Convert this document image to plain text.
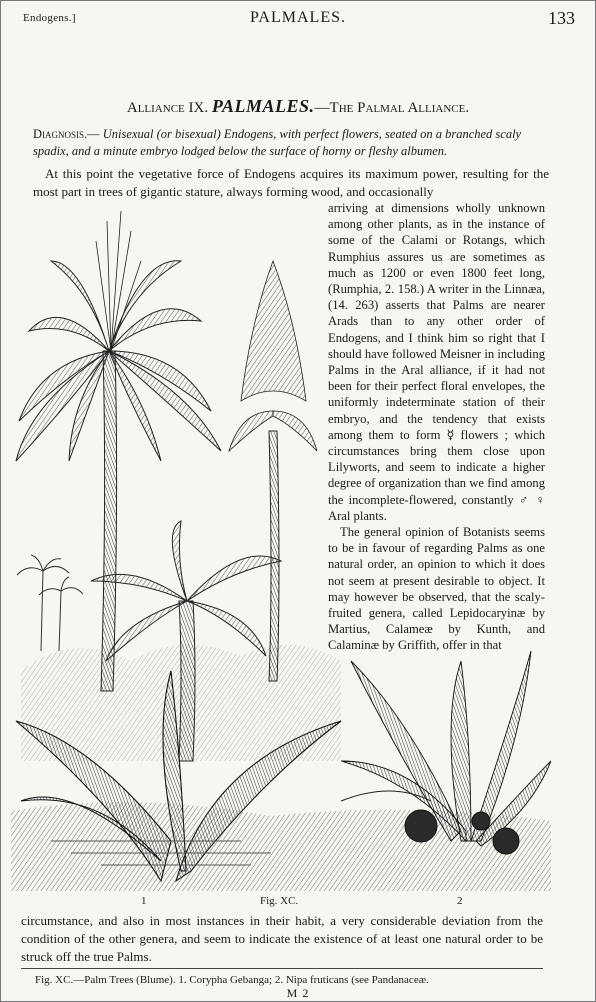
Endogens.]	PALMALES.	133
Alliance IX. PALMALES.—The Palmal Alliance.
Diagnosis.— Unisexual (or bisexual) Endogens, with perfect flowers, seated on a branched scaly spadix, and a minute embryo lodged below the surface of horny or fleshy albumen.
At this point the vegetative force of Endogens acquires its maximum power, resulting for the most part in trees of gigantic stature, always forming wood, and occasionally

arriving at dimensions wholly unknown among other plants, as in the instance of some of the Calami or Rotangs, which Rumphius assures us are sometimes as much as 1200 or even 1800 feet long, (Rumphia, 2. 158.) A writer in the Linnæa, (14. 263) asserts that Palms are nearer Arads than to any other order of Endogens, and I think him so right that I should have followed Meisner in including Palms in the Aral alliance, if it had not been for their perfect floral envelopes, the uniformly indeterminate station of their embryo, and the tendency that exists among them to form ☿ flowers ; which circumstances bring them close upon Lilyworts, and seem to indicate a higher degree of organization than we find among the incomplete-flowered, constantly ♂ ♀ Aral plants.

The general opinion of Botanists seems to be in favour of regarding Palms as one natural order, an opinion to which it does not seem at present desirable to object. It may however be observed, that the scaly-fruited genera, called Lepidocaryinæ by Martius, Calameæ by Kunth, and Calaminæ by Griffith, offer in that

1	Fig. XC.	2
circumstance, and also in most instances in their habit, a very considerable deviation from the condition of the other genera, and seem to indicate the existence of at least one natural order to be struck off the true Palms.
Fig. XC.—Palm Trees (Blume). 1. Corypha Gebanga; 2. Nipa fruticans (see Pandanaceæ.
M 2
